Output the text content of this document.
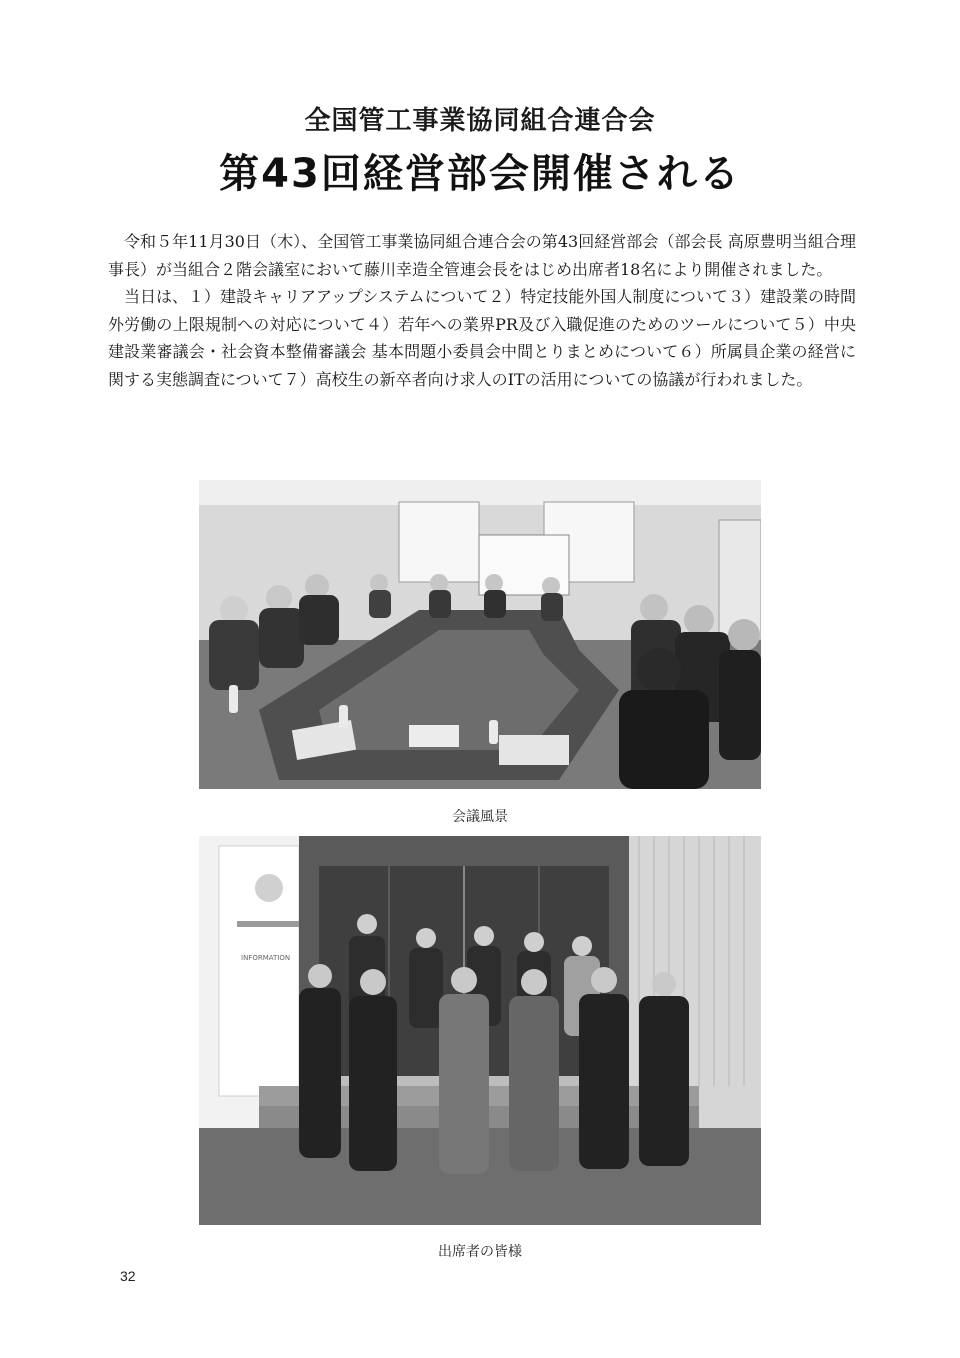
全国管工事業協同組合連合会
第43回経営部会開催される

令和５年11月30日（木）、全国管工事業協同組合連合会の第43回経営部会（部会長 高原豊明当組合理事長）が当組合２階会議室において藤川幸造全管連会長をはじめ出席者18名により開催されました。

当日は、１）建設キャリアアップシステムについて２）特定技能外国人制度について３）建設業の時間外労働の上限規制への対応について４）若年への業界PR及び入職促進のためのツールについて５）中央建設業審議会・社会資本整備審議会 基本問題小委員会中間とりまとめについて６）所属員企業の経営に関する実態調査について７）高校生の新卒者向け求人のITの活用についての協議が行われました。

会議風景
INFORMATION
出席者の皆様
32
